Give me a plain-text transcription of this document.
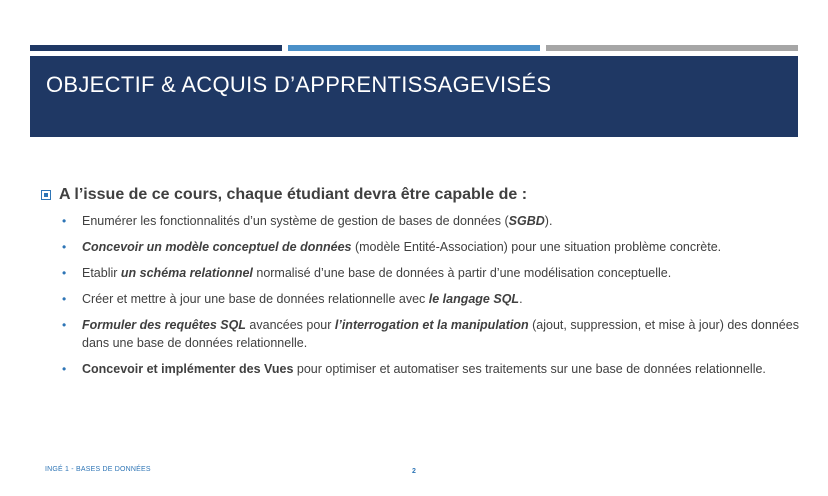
OBJECTIF & ACQUIS D’APPRENTISSAGEVISÉS
A l’issue de ce cours, chaque étudiant devra être capable de :
• Enumérer les fonctionnalités d’un système de gestion de bases de données (SGBD).
• Concevoir un modèle conceptuel de données (modèle Entité-Association) pour une situation problème concrète.
• Etablir un schéma relationnel normalisé d’une base de données à partir d’une modélisation conceptuelle.
• Créer et mettre à jour une base de données relationnelle avec le langage SQL.
• Formuler des requêtes SQL avancées pour l’interrogation et la manipulation (ajout, suppression, et mise à jour) des données dans une base de données relationnelle.
• Concevoir et implémenter des Vues pour optimiser et automatiser ses traitements sur une base de données relationnelle.
INGÉ 1 - BASES DE DONNÉES	2
